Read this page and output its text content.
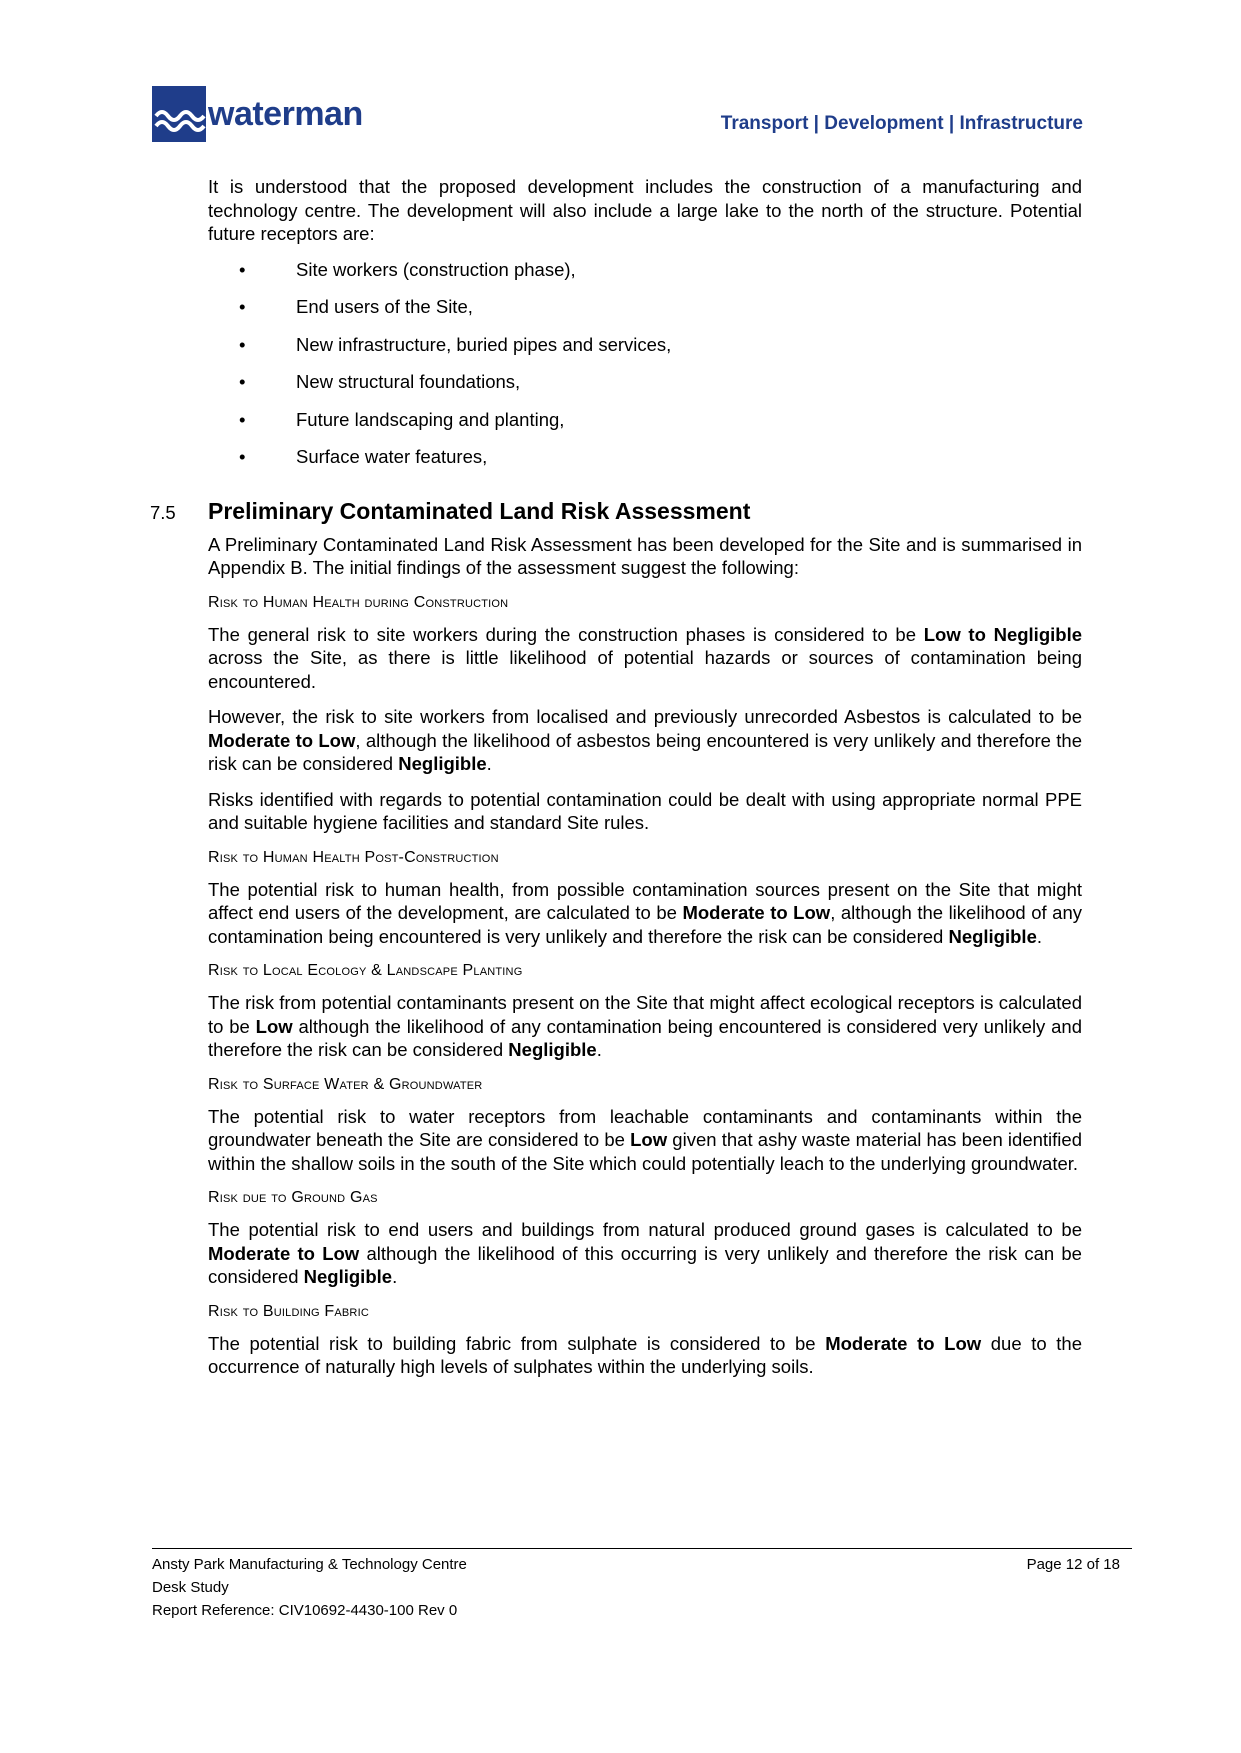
waterman	Transport | Development | Infrastructure

It is understood that the proposed development includes the construction of a manufacturing and technology centre. The development will also include a large lake to the north of the structure. Potential future receptors are:

•	Site workers (construction phase),
•	End users of the Site,
•	New infrastructure, buried pipes and services,
•	New structural foundations,
•	Future landscaping and planting,
•	Surface water features,
7.5 Preliminary Contaminated Land Risk Assessment

A Preliminary Contaminated Land Risk Assessment has been developed for the Site and is summarised in Appendix B. The initial findings of the assessment suggest the following:

Risk to Human Health during Construction

The general risk to site workers during the construction phases is considered to be Low to Negligible across the Site, as there is little likelihood of potential hazards or sources of contamination being encountered.

However, the risk to site workers from localised and previously unrecorded Asbestos is calculated to be Moderate to Low, although the likelihood of asbestos being encountered is very unlikely and therefore the risk can be considered Negligible.

Risks identified with regards to potential contamination could be dealt with using appropriate normal PPE and suitable hygiene facilities and standard Site rules.

Risk to Human Health Post-Construction

The potential risk to human health, from possible contamination sources present on the Site that might affect end users of the development, are calculated to be Moderate to Low, although the likelihood of any contamination being encountered is very unlikely and therefore the risk can be considered Negligible.

Risk to Local Ecology & Landscape Planting

The risk from potential contaminants present on the Site that might affect ecological receptors is calculated to be Low although the likelihood of any contamination being encountered is considered very unlikely and therefore the risk can be considered Negligible.

Risk to Surface Water & Groundwater

The potential risk to water receptors from leachable contaminants and contaminants within the groundwater beneath the Site are considered to be Low given that ashy waste material has been identified within the shallow soils in the south of the Site which could potentially leach to the underlying groundwater.

Risk due to Ground Gas

The potential risk to end users and buildings from natural produced ground gases is calculated to be Moderate to Low although the likelihood of this occurring is very unlikely and therefore the risk can be considered Negligible.

Risk to Building Fabric

The potential risk to building fabric from sulphate is considered to be Moderate to Low due to the occurrence of naturally high levels of sulphates within the underlying soils.

Ansty Park Manufacturing & Technology Centre
Desk Study
Report Reference: CIV10692-4430-100 Rev 0
Page 12 of 18
